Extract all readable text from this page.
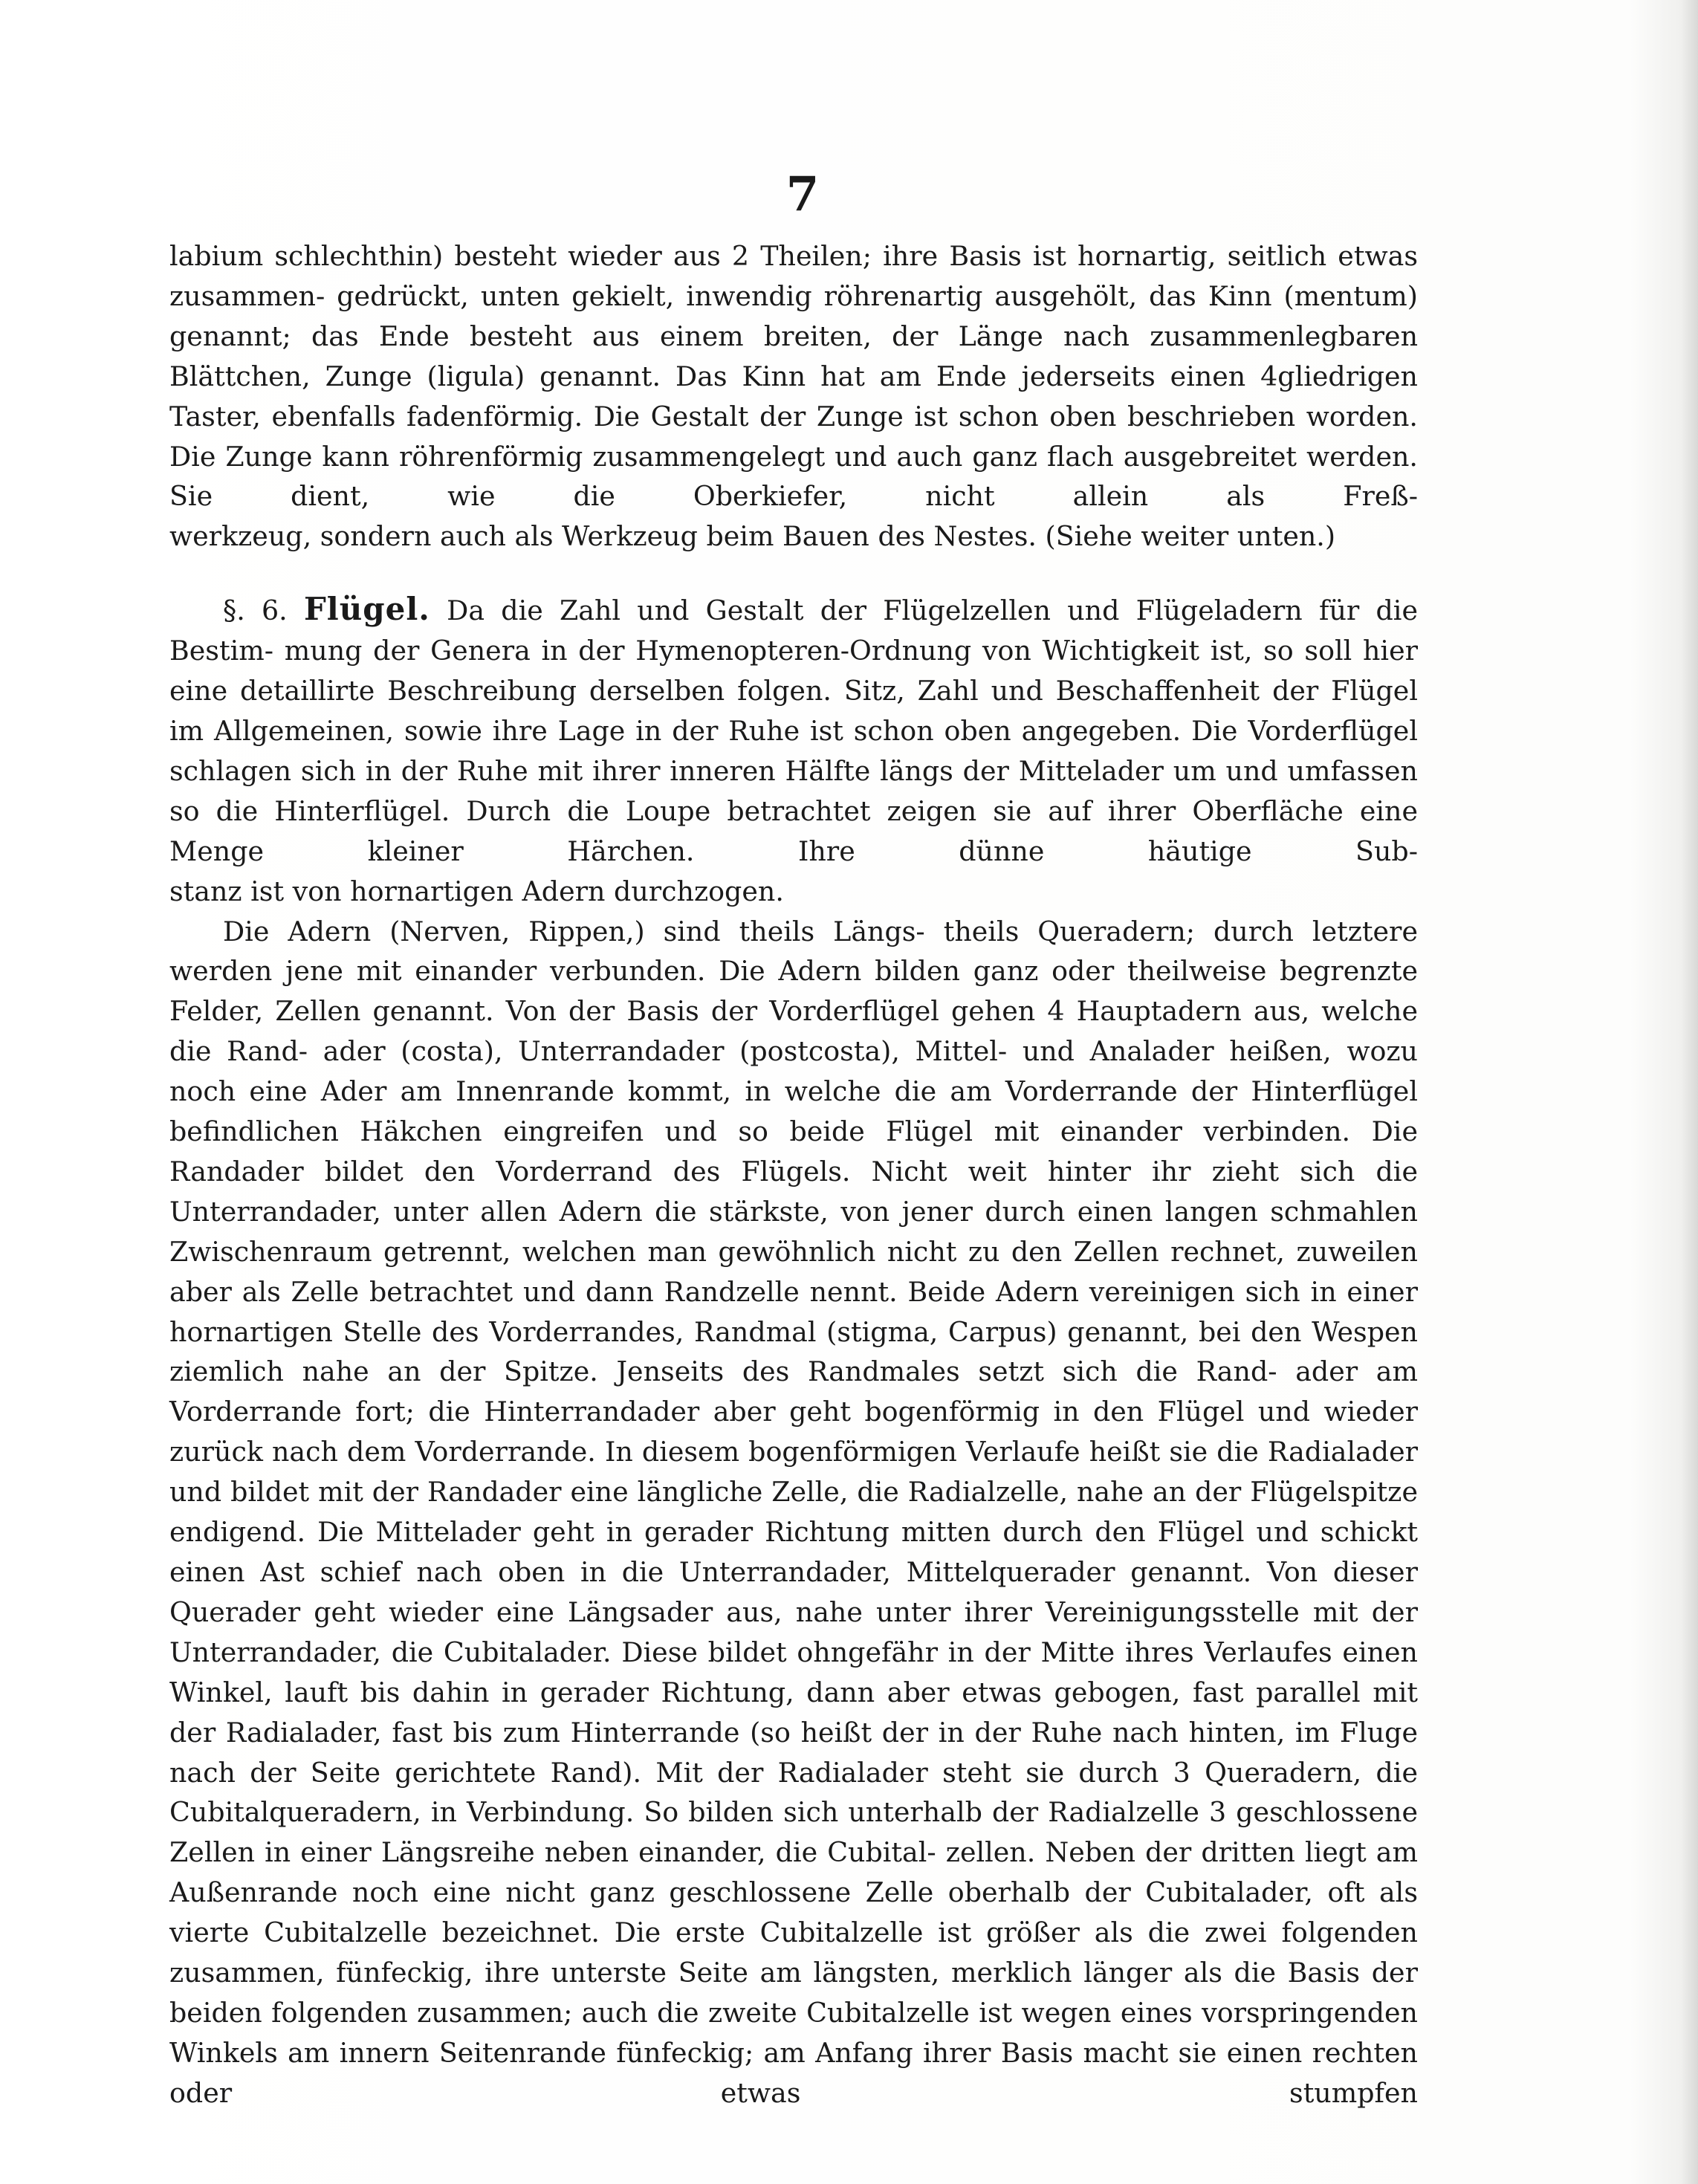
7

labium schlechthin) besteht wieder aus 2 Theilen; ihre Basis ist hornartig, seitlich etwas zusammen- gedrückt, unten gekielt, inwendig röhrenartig ausgehölt, das Kinn (mentum) genannt; das Ende besteht aus einem breiten, der Länge nach zusammenlegbaren Blättchen, Zunge (ligula) genannt. Das Kinn hat am Ende jederseits einen 4gliedrigen Taster, ebenfalls fadenförmig. Die Gestalt der Zunge ist schon oben beschrieben worden. Die Zunge kann röhrenförmig zusammengelegt und auch ganz flach ausgebreitet werden. Sie dient, wie die Oberkiefer, nicht allein als Freß-

werkzeug, sondern auch als Werkzeug beim Bauen des Nestes. (Siehe weiter unten.)

§. 6. Flügel. Da die Zahl und Gestalt der Flügelzellen und Flügeladern für die Bestim- mung der Genera in der Hymenopteren-Ordnung von Wichtigkeit ist, so soll hier eine detaillirte Beschreibung derselben folgen. Sitz, Zahl und Beschaffenheit der Flügel im Allgemeinen, sowie ihre Lage in der Ruhe ist schon oben angegeben. Die Vorderflügel schlagen sich in der Ruhe mit ihrer inneren Hälfte längs der Mittelader um und umfassen so die Hinterflügel. Durch die Loupe betrachtet zeigen sie auf ihrer Oberfläche eine Menge kleiner Härchen. Ihre dünne häutige Sub-

stanz ist von hornartigen Adern durchzogen.

Die Adern (Nerven, Rippen,) sind theils Längs- theils Queradern; durch letztere werden jene mit einander verbunden. Die Adern bilden ganz oder theilweise begrenzte Felder, Zellen genannt. Von der Basis der Vorderflügel gehen 4 Hauptadern aus, welche die Rand- ader (costa), Unterrandader (postcosta), Mittel- und Analader heißen, wozu noch eine Ader am Innenrande kommt, in welche die am Vorderrande der Hinterflügel befindlichen Häkchen eingreifen und so beide Flügel mit einander verbinden. Die Randader bildet den Vorderrand des Flügels. Nicht weit hinter ihr zieht sich die Unterrandader, unter allen Adern die stärkste, von jener durch einen langen schmahlen Zwischenraum getrennt, welchen man gewöhnlich nicht zu den Zellen rechnet, zuweilen aber als Zelle betrachtet und dann Randzelle nennt. Beide Adern vereinigen sich in einer hornartigen Stelle des Vorderrandes, Randmal (stigma, Carpus) genannt, bei den Wespen ziemlich nahe an der Spitze. Jenseits des Randmales setzt sich die Rand- ader am Vorderrande fort; die Hinterrandader aber geht bogenförmig in den Flügel und wieder zurück nach dem Vorderrande. In diesem bogenförmigen Verlaufe heißt sie die Radialader und bildet mit der Randader eine längliche Zelle, die Radialzelle, nahe an der Flügelspitze endigend. Die Mittelader geht in gerader Richtung mitten durch den Flügel und schickt einen Ast schief nach oben in die Unterrandader, Mittelquerader genannt. Von dieser Querader geht wieder eine Längsader aus, nahe unter ihrer Vereinigungsstelle mit der Unterrandader, die Cubitalader. Diese bildet ohngefähr in der Mitte ihres Verlaufes einen Winkel, lauft bis dahin in gerader Richtung, dann aber etwas gebogen, fast parallel mit der Radialader, fast bis zum Hinterrande (so heißt der in der Ruhe nach hinten, im Fluge nach der Seite gerichtete Rand). Mit der Radialader steht sie durch 3 Queradern, die Cubitalqueradern, in Verbindung. So bilden sich unterhalb der Radialzelle 3 geschlossene Zellen in einer Längsreihe neben einander, die Cubital- zellen. Neben der dritten liegt am Außenrande noch eine nicht ganz geschlossene Zelle oberhalb der Cubitalader, oft als vierte Cubitalzelle bezeichnet. Die erste Cubitalzelle ist größer als die zwei folgenden zusammen, fünfeckig, ihre unterste Seite am längsten, merklich länger als die Basis der beiden folgenden zusammen; auch die zweite Cubitalzelle ist wegen eines vorspringenden Winkels am innern Seitenrande fünfeckig; am Anfang ihrer Basis macht sie einen rechten oder etwas stumpfen
